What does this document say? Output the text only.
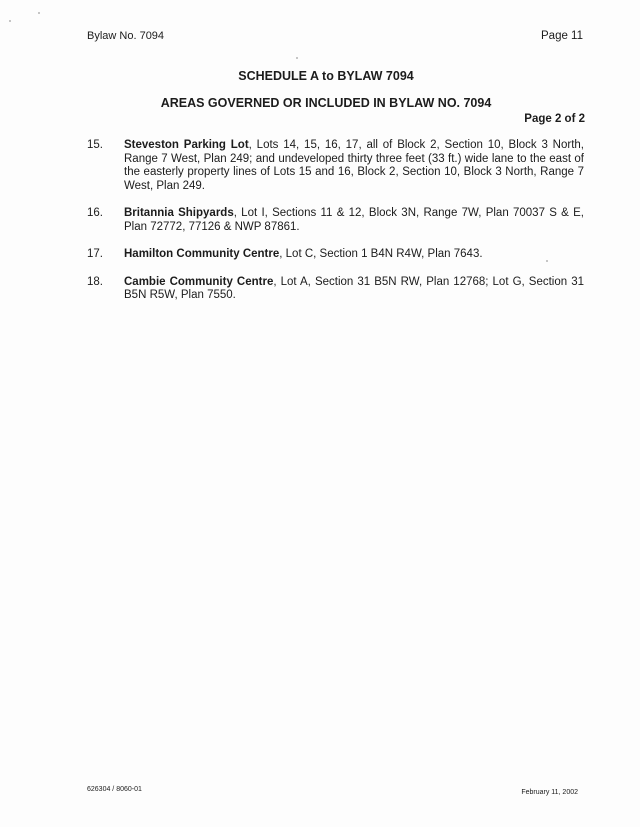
Bylaw No. 7094	Page 11
SCHEDULE A to BYLAW 7094
AREAS GOVERNED OR INCLUDED IN BYLAW NO. 7094
Page 2 of 2
15.	Steveston Parking Lot, Lots 14, 15, 16, 17, all of Block 2, Section 10, Block 3 North, Range 7 West, Plan 249; and undeveloped thirty three feet (33 ft.) wide lane to the east of the easterly property lines of Lots 15 and 16, Block 2, Section 10, Block 3 North, Range 7 West, Plan 249.
16.	Britannia Shipyards, Lot I, Sections 11 & 12, Block 3N, Range 7W, Plan 70037 S & E, Plan 72772, 77126 & NWP 87861.
17.	Hamilton Community Centre, Lot C, Section 1 B4N R4W, Plan 7643.
18.	Cambie Community Centre, Lot A, Section 31 B5N RW, Plan 12768; Lot G, Section 31 B5N R5W, Plan 7550.
626304 / 8060-01	February 11, 2002
